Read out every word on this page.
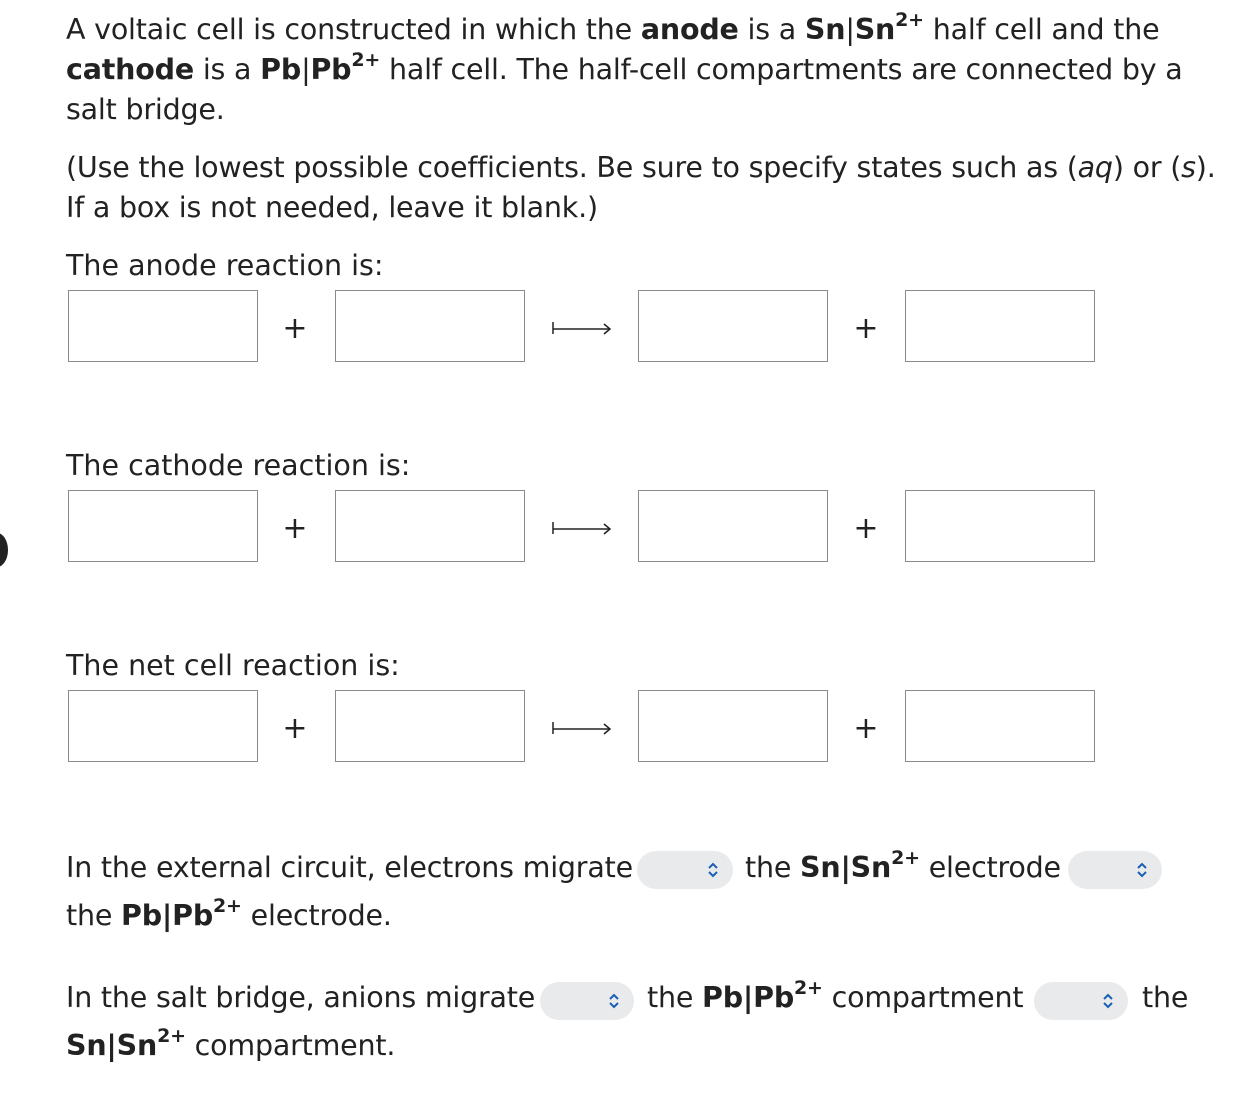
A voltaic cell is constructed in which the anode is a $Sn|Sn^{2+}$ half cell and the
cathode is a $Pb|Pb^{2+}$ half cell. The half-cell compartments are connected by a
salt bridge.
(Use the lowest possible coefficients. Be sure to specify states such as (aq) or (s).
If a box is not needed, leave it blank.)
The anode reaction is:
+	+
The cathode reaction is:
+	+
The net cell reaction is:
+	+
In the external circuit, electrons migrate	the $Sn|Sn^{2+}$ electrode
the $Pb|Pb^{2+}$ electrode.
In the salt bridge, anions migrate	the $Pb|Pb^{2+}$ compartment	the
$Sn|Sn^{2+}$ compartment.
